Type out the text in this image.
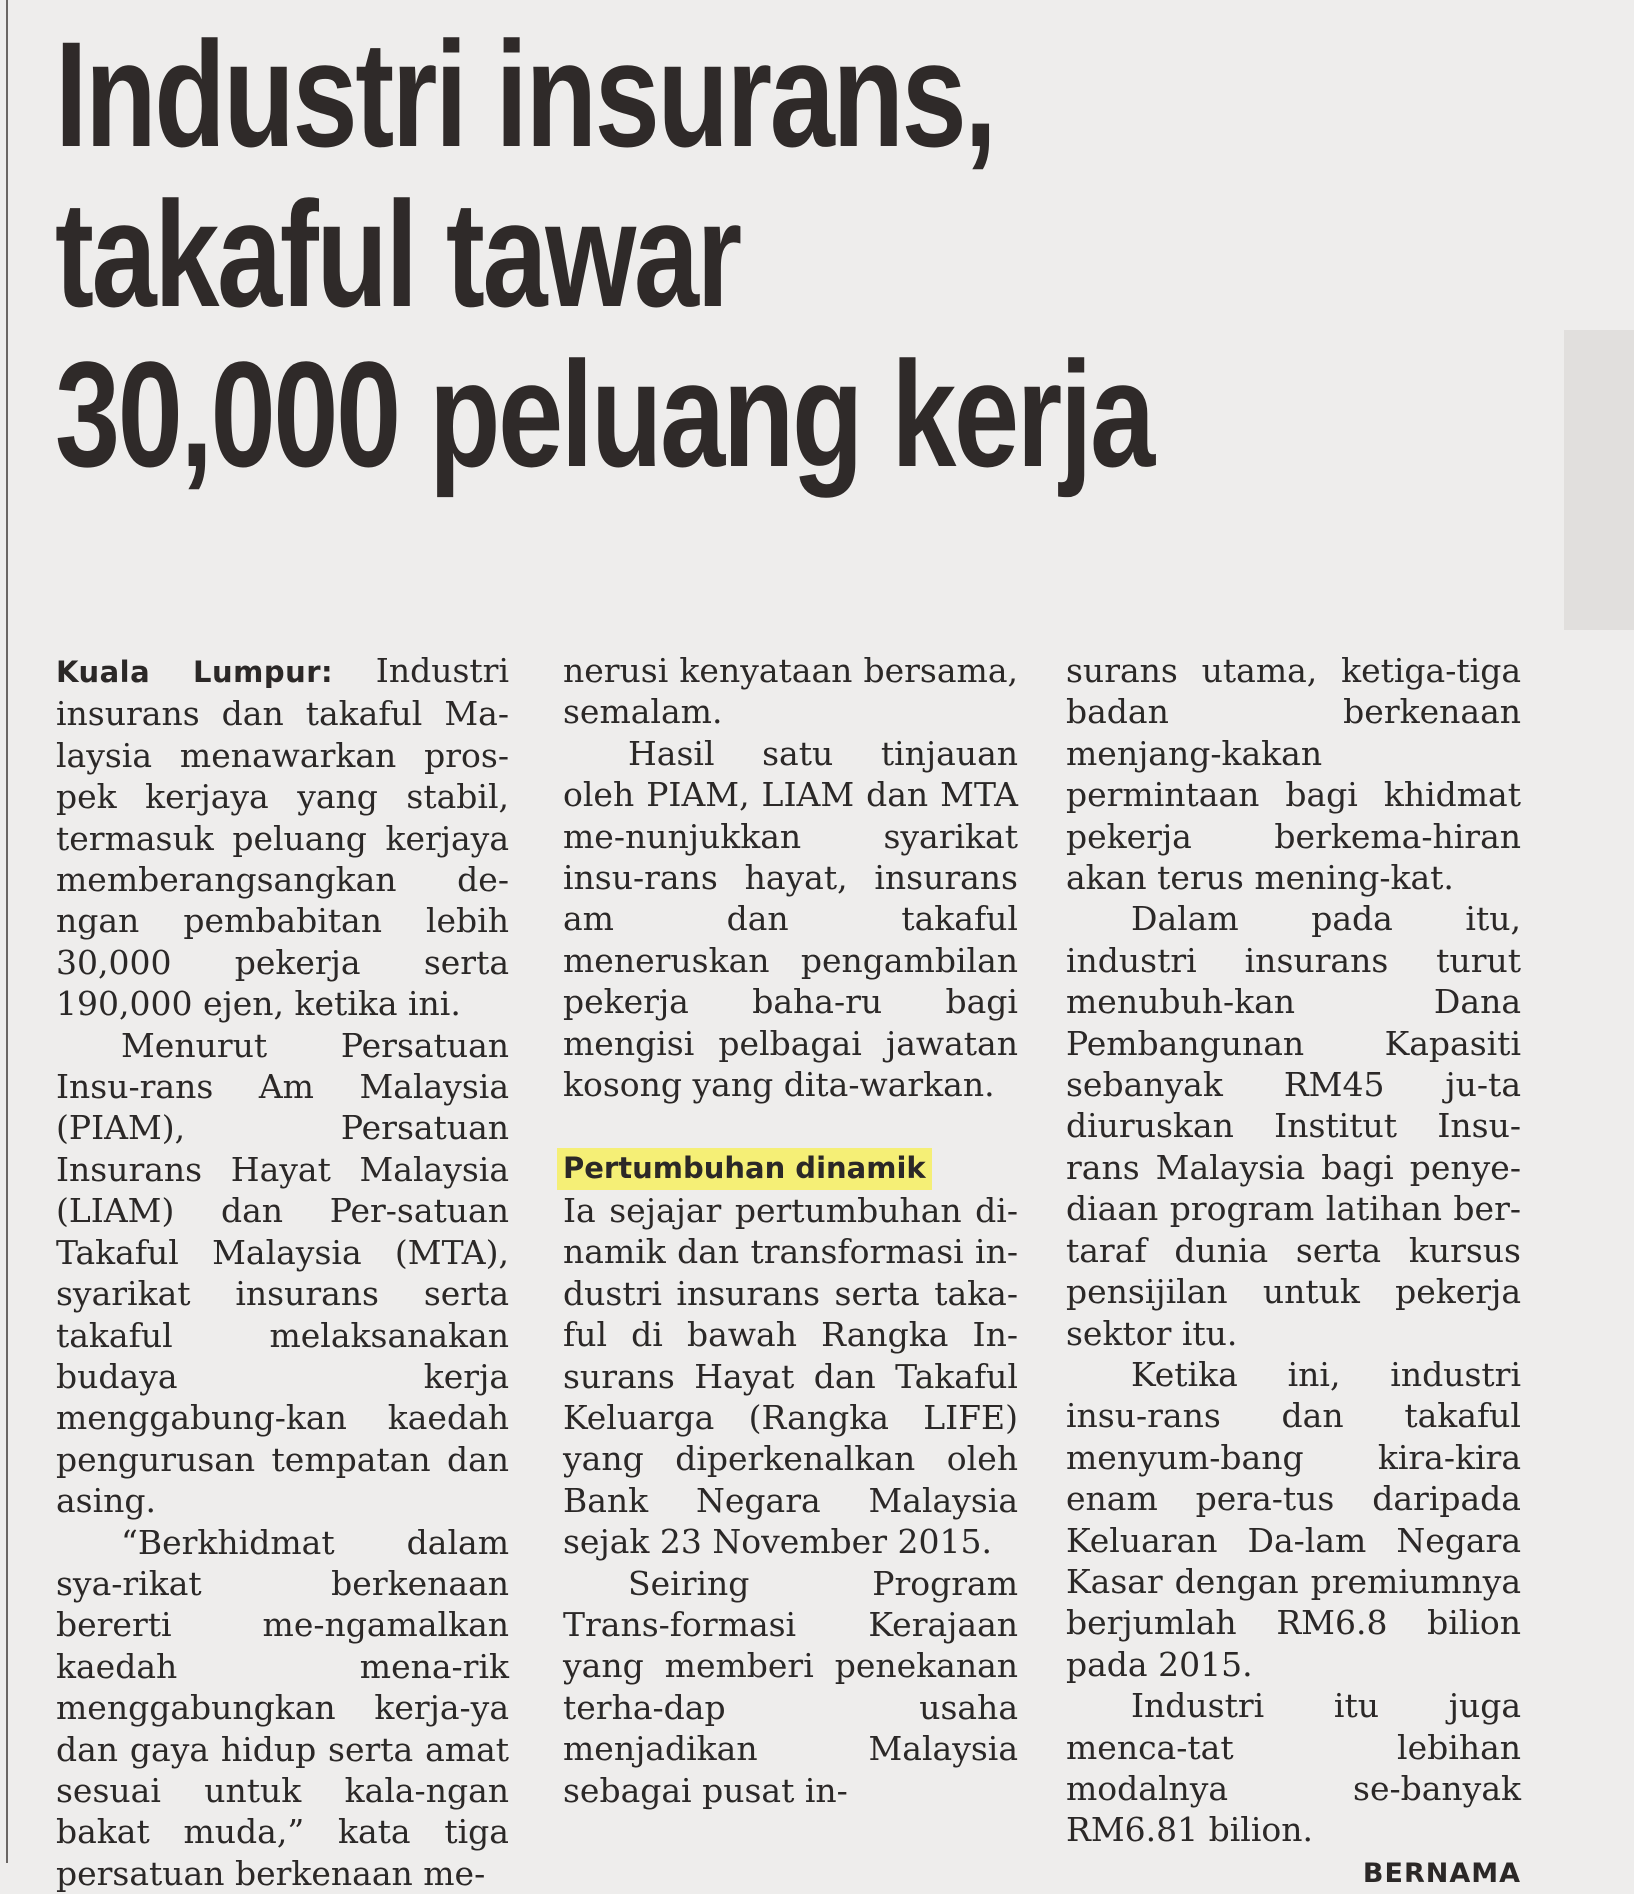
Industri insurans,
takaful tawar
30,000 peluang kerja

Kuala Lumpur: Industri insurans dan takaful Ma-laysia menawarkan pros-pek kerjaya yang stabil, termasuk peluang kerjaya memberangsangkan de-ngan pembabitan lebih 30,000 pekerja serta 190,000 ejen, ketika ini.

Menurut Persatuan Insu-rans Am Malaysia (PIAM), Persatuan Insurans Hayat Malaysia (LIAM) dan Per-satuan Takaful Malaysia (MTA), syarikat insurans serta takaful melaksanakan budaya kerja menggabung-kan kaedah pengurusan tempatan dan asing.

“Berkhidmat dalam sya-rikat berkenaan bererti me-ngamalkan kaedah mena-rik menggabungkan kerja-ya dan gaya hidup serta amat sesuai untuk kala-ngan bakat muda,” kata tiga persatuan berkenaan me-

nerusi kenyataan bersama, semalam.

Hasil satu tinjauan oleh PIAM, LIAM dan MTA me-nunjukkan syarikat insu-rans hayat, insurans am dan takaful meneruskan pengambilan pekerja baha-ru bagi mengisi pelbagai jawatan kosong yang dita-warkan.

Pertumbuhan dinamik

Ia sejajar pertumbuhan di-namik dan transformasi in-dustri insurans serta taka-ful di bawah Rangka In-surans Hayat dan Takaful Keluarga (Rangka LIFE) yang diperkenalkan oleh Bank Negara Malaysia sejak 23 November 2015.

Seiring Program Trans-formasi Kerajaan yang memberi penekanan terha-dap usaha menjadikan Malaysia sebagai pusat in-

surans utama, ketiga-tiga badan berkenaan menjang-kakan permintaan bagi khidmat pekerja berkema-hiran akan terus mening-kat.

Dalam pada itu, industri insurans turut menubuh-kan Dana Pembangunan Kapasiti sebanyak RM45 ju-ta diuruskan Institut Insu-rans Malaysia bagi penye-diaan program latihan ber-taraf dunia serta kursus pensijilan untuk pekerja sektor itu.

Ketika ini, industri insu-rans dan takaful menyum-bang kira-kira enam pera-tus daripada Keluaran Da-lam Negara Kasar dengan premiumnya berjumlah RM6.8 bilion pada 2015.

Industri itu juga menca-tat lebihan modalnya se-banyak RM6.81 bilion.

BERNAMA
